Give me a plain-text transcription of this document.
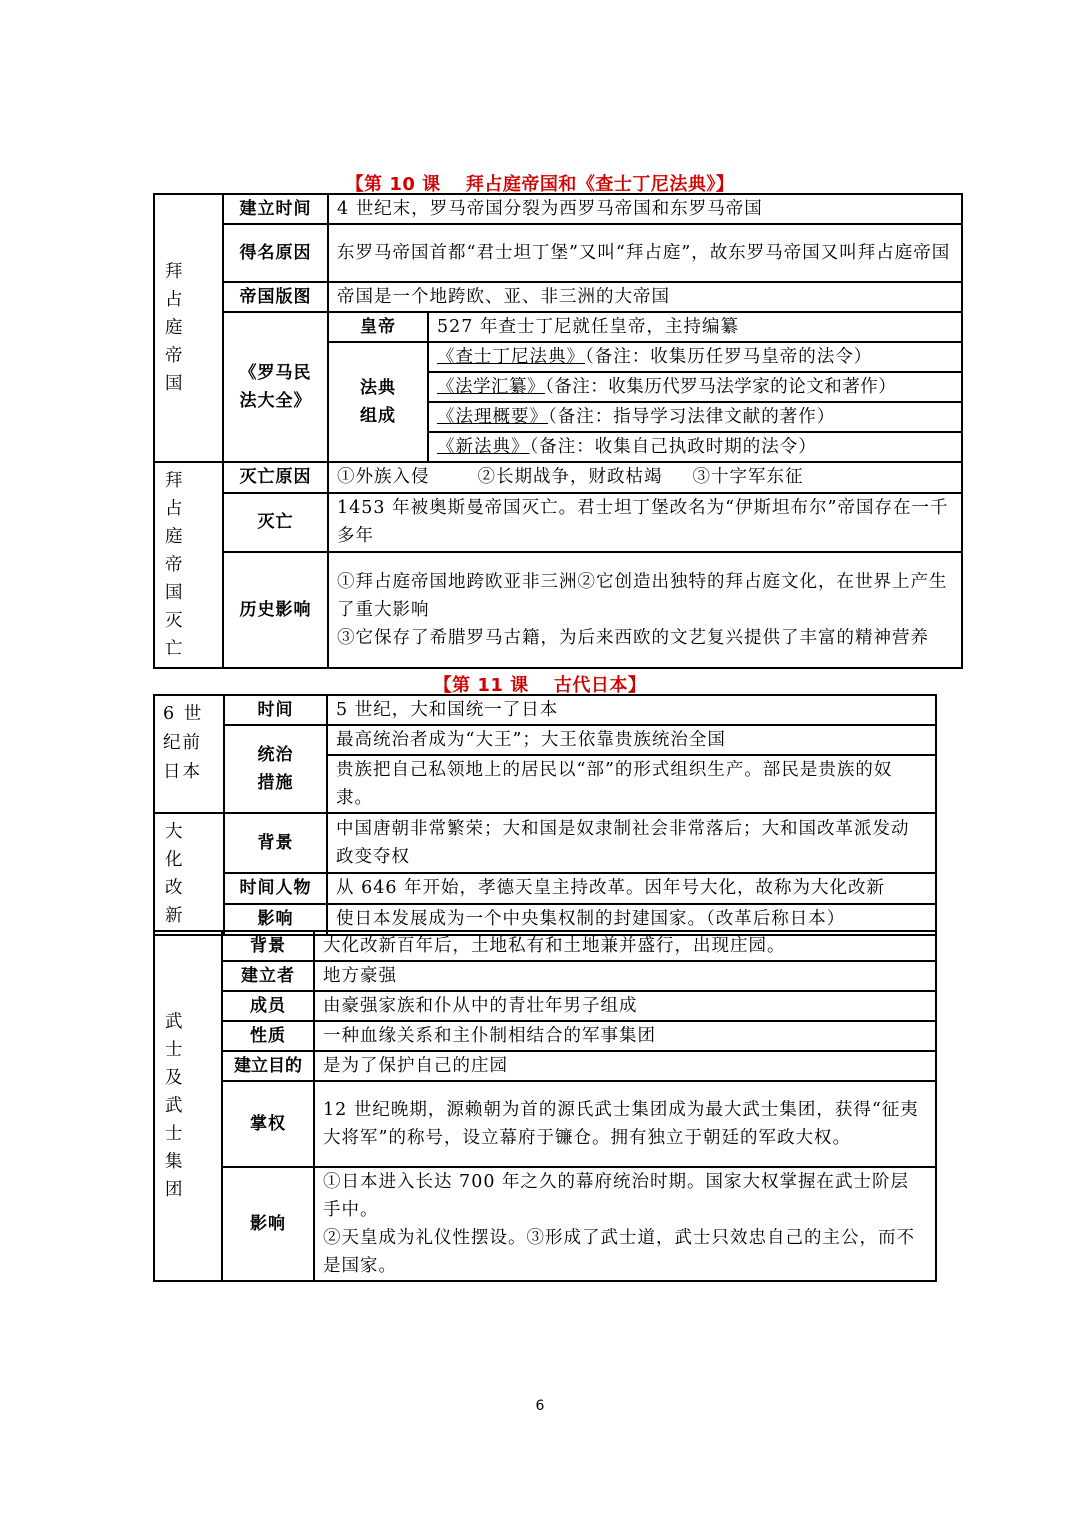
【第 10 课　 拜占庭帝国和《查士丁尼法典》】
拜占庭帝国	建立时间	4 世纪末，罗马帝国分裂为西罗马帝国和东罗马帝国	
	得名原因	东罗马帝国首都“君士坦丁堡”又叫“拜占庭”，故东罗马帝国又叫拜占庭帝国	
	帝国版图	帝国是一个地跨欧、亚、非三洲的大帝国	
	《罗马民法大全》	皇帝	527 年查士丁尼就任皇帝，主持编纂
		法典组成	《查士丁尼法典》（备注：收集历任罗马皇帝的法令）
			《法学汇纂》（备注：收集历代罗马法学家的论文和著作）
			《法理概要》（备注：指导学习法律文献的著作）
			《新法典》（备注：收集自己执政时期的法令）
拜占庭帝国灭亡	灭亡原因	①外族入侵 ②长期战争，财政枯竭 ③十字军东征	
	灭亡	1453 年被奥斯曼帝国灭亡。君士坦丁堡改名为“伊斯坦布尔”帝国存在一千多年	
	历史影响	①拜占庭帝国地跨欧亚非三洲②它创造出独特的拜占庭文化，在世界上产生了重大影响
③它保存了希腊罗马古籍，为后来西欧的文艺复兴提供了丰富的精神营养	
【第 11 课　 古代日本】
6 世纪前日本	时间	5 世纪，大和国统一了日本
	统治措施	最高统治者成为“大王”；大王依靠贵族统治全国
		贵族把自己私领地上的居民以“部”的形式组织生产。部民是贵族的奴隶。
大化改新	背景	中国唐朝非常繁荣；大和国是奴隶制社会非常落后；大和国改革派发动政变夺权
	时间人物	从 646 年开始，孝德天皇主持改革。因年号大化，故称为大化改新
	影响	使日本发展成为一个中央集权制的封建国家。（改革后称日本）
武士及武士集团	背景	大化改新百年后，土地私有和土地兼并盛行，出现庄园。
	建立者	地方豪强
	成员	由豪强家族和仆从中的青壮年男子组成
	性质	一种血缘关系和主仆制相结合的军事集团
	建立目的	是为了保护自己的庄园
	掌权	12 世纪晚期，源赖朝为首的源氏武士集团成为最大武士集团，获得“征夷大将军”的称号，设立幕府于镰仓。拥有独立于朝廷的军政大权。
	影响	①日本进入长达 700 年之久的幕府统治时期。国家大权掌握在武士阶层手中。
②天皇成为礼仪性摆设。③形成了武士道，武士只效忠自己的主公，而不是国家。
6
